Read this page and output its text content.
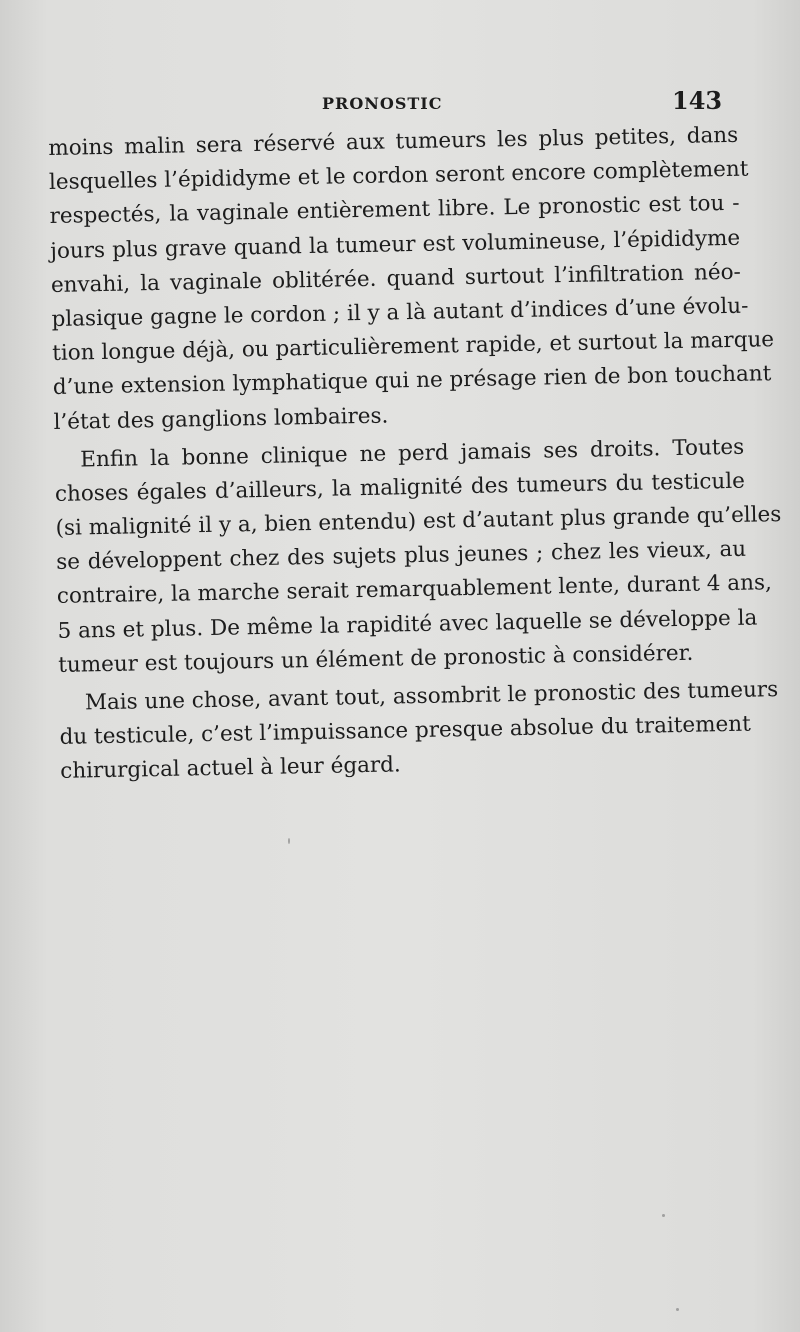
PRONOSTIC	143
moins malin sera réservé aux tumeurs les plus petites, dans
lesquelles l’épididyme et le cordon seront encore complètement
respectés, la vaginale entièrement libre. Le pronostic est tou -
jours plus grave quand la tumeur est volumineuse, l’épididyme
envahi, la vaginale oblitérée. quand surtout l’infiltration néo-
plasique gagne le cordon ; il y a là autant d’indices d’une évolu-
tion longue déjà, ou particulièrement rapide, et surtout la marque
d’une extension lymphatique qui ne présage rien de bon touchant
l’état des ganglions lombaires.
Enfin la bonne clinique ne perd jamais ses droits. Toutes
choses égales d’ailleurs, la malignité des tumeurs du testicule
(si malignité il y a, bien entendu) est d’autant plus grande qu’elles
se développent chez des sujets plus jeunes ; chez les vieux, au
contraire, la marche serait remarquablement lente, durant 4 ans,
5 ans et plus. De même la rapidité avec laquelle se développe la
tumeur est toujours un élément de pronostic à considérer.
Mais une chose, avant tout, assombrit le pronostic des tumeurs
du testicule, c’est l’impuissance presque absolue du traitement
chirurgical actuel à leur égard.
